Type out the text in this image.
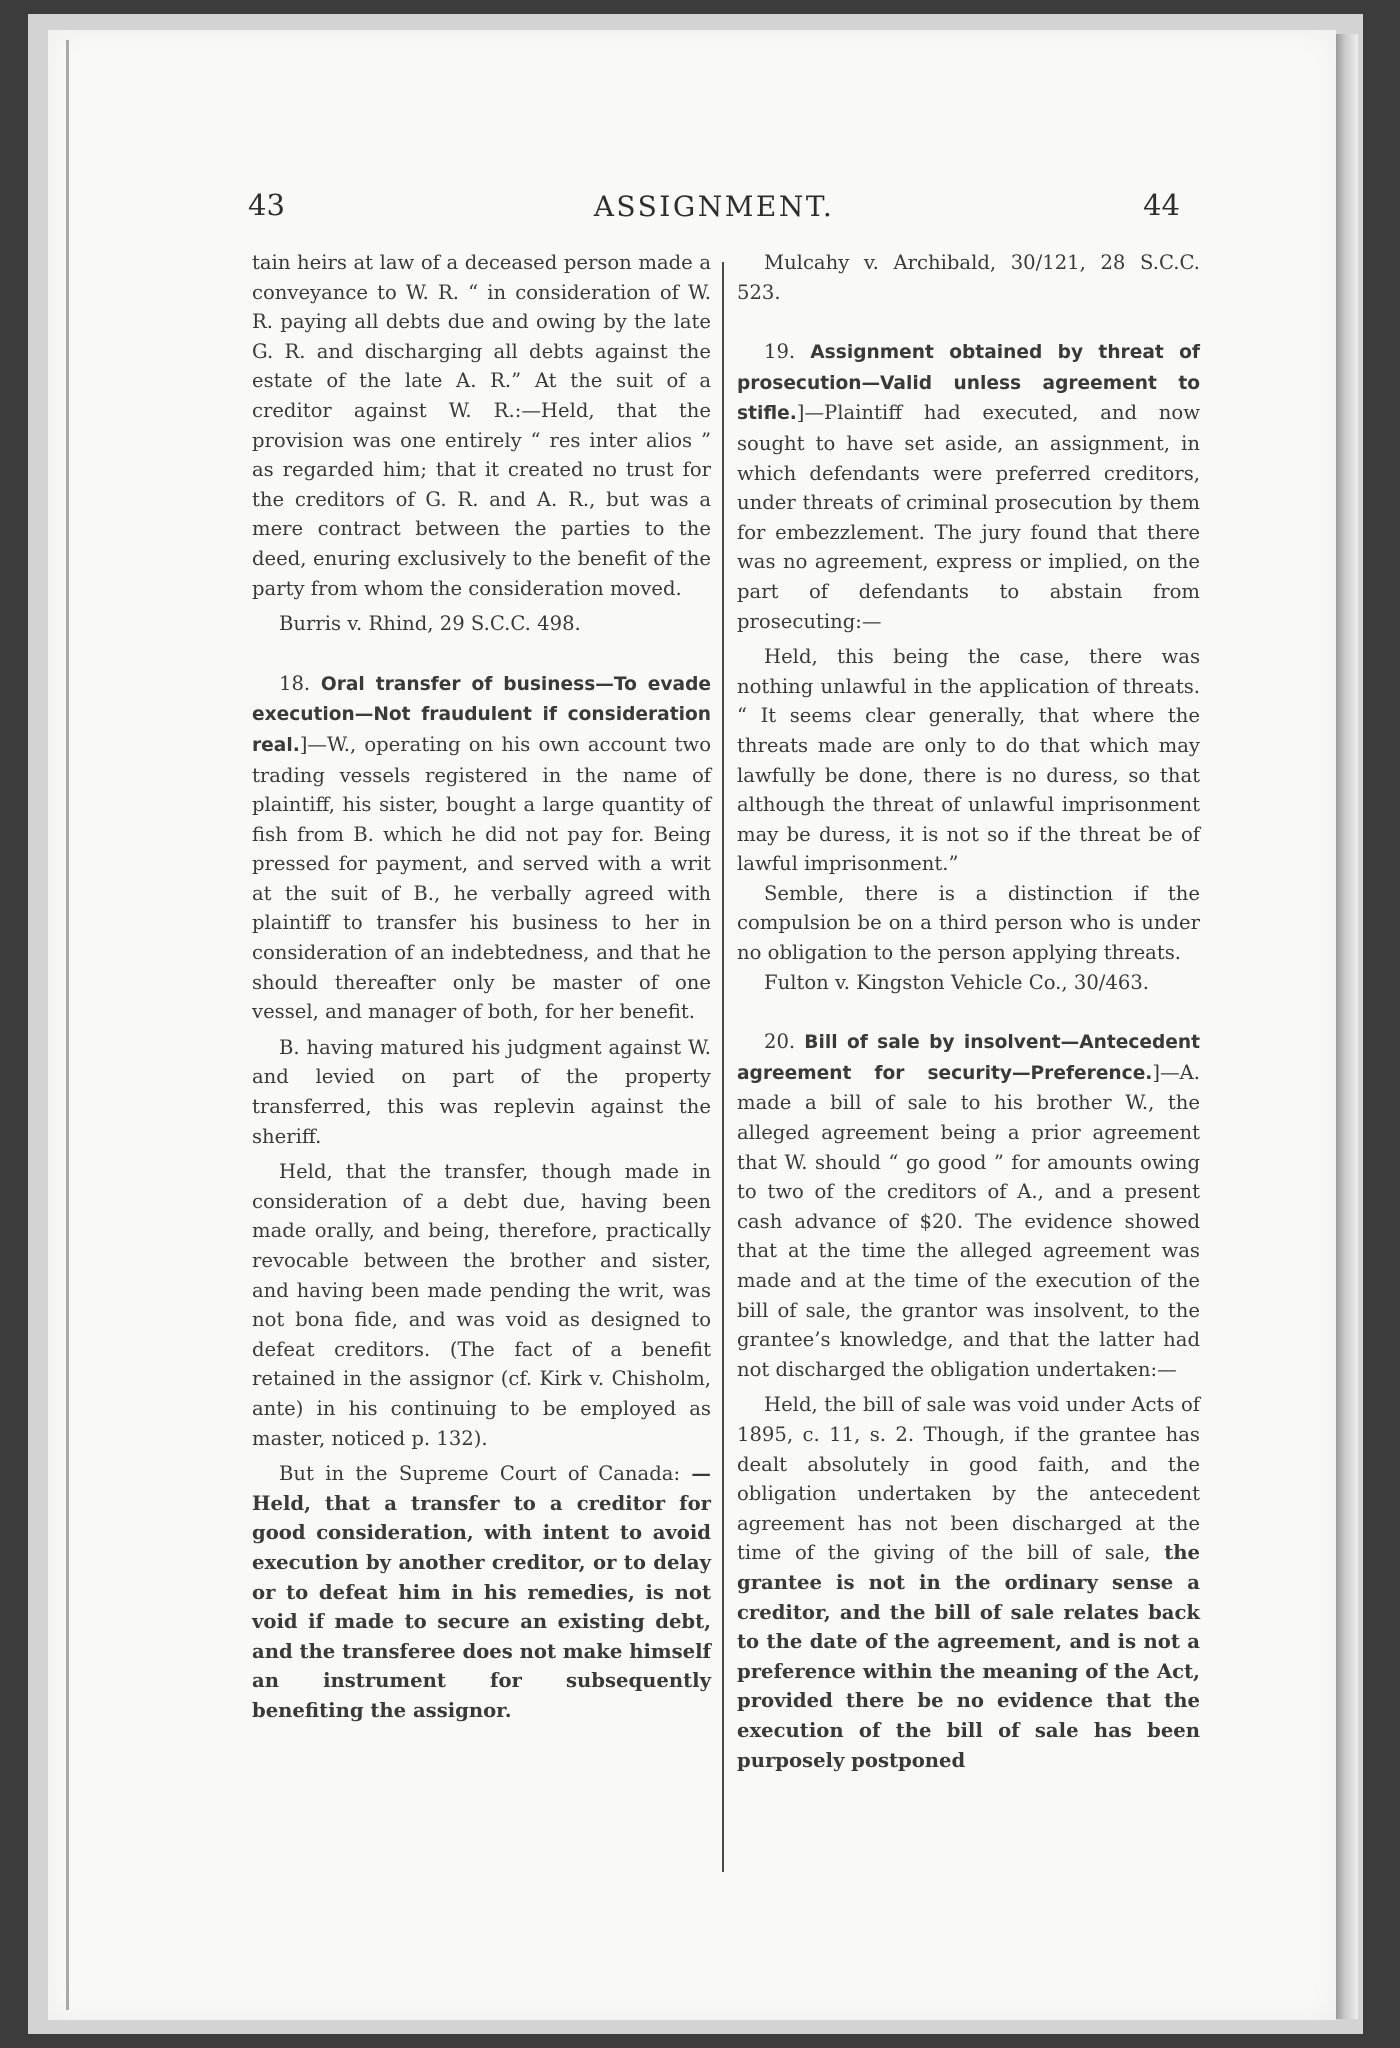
43	ASSIGNMENT.	44

tain heirs at law of a deceased person made a conveyance to W. R. “ in consideration of W. R. paying all debts due and owing by the late G. R. and discharging all debts against the estate of the late A. R.” At the suit of a creditor against W. R.:—Held, that the provision was one entirely “ res inter alios ” as regarded him; that it created no trust for the creditors of G. R. and A. R., but was a mere contract between the parties to the deed, enuring exclusively to the benefit of the party from whom the consideration moved.

Burris v. Rhind, 29 S.C.C. 498.

18. Oral transfer of business—To evade execution—Not fraudulent if consideration real.]—W., operating on his own account two trading vessels registered in the name of plaintiff, his sister, bought a large quantity of fish from B. which he did not pay for. Being pressed for payment, and served with a writ at the suit of B., he verbally agreed with plaintiff to transfer his business to her in consideration of an indebtedness, and that he should thereafter only be master of one vessel, and manager of both, for her benefit.

B. having matured his judgment against W. and levied on part of the property transferred, this was replevin against the sheriff.

Held, that the transfer, though made in consideration of a debt due, having been made orally, and being, therefore, practically revocable between the brother and sister, and having been made pending the writ, was not bona fide, and was void as designed to defeat creditors. (The fact of a benefit retained in the assignor (cf. Kirk v. Chisholm, ante) in his continuing to be employed as master, noticed p. 132).

But in the Supreme Court of Canada: —Held, that a transfer to a creditor for good consideration, with intent to avoid execution by another creditor, or to delay or to defeat him in his remedies, is not void if made to secure an existing debt, and the transferee does not make himself an instrument for subsequently benefiting the assignor.

Mulcahy v. Archibald, 30/121, 28 S.C.C. 523.

19. Assignment obtained by threat of prosecution—Valid unless agreement to stifle.]—Plaintiff had executed, and now sought to have set aside, an assignment, in which defendants were preferred creditors, under threats of criminal prosecution by them for embezzlement. The jury found that there was no agreement, express or implied, on the part of defendants to abstain from prosecuting:—

Held, this being the case, there was nothing unlawful in the application of threats. “ It seems clear generally, that where the threats made are only to do that which may lawfully be done, there is no duress, so that although the threat of unlawful imprisonment may be duress, it is not so if the threat be of lawful imprisonment.”

Semble, there is a distinction if the compulsion be on a third person who is under no obligation to the person applying threats.

Fulton v. Kingston Vehicle Co., 30/463.

20. Bill of sale by insolvent—Antecedent agreement for security—Preference.]—A. made a bill of sale to his brother W., the alleged agreement being a prior agreement that W. should “ go good ” for amounts owing to two of the creditors of A., and a present cash advance of $20. The evidence showed that at the time the alleged agreement was made and at the time of the execution of the bill of sale, the grantor was insolvent, to the grantee’s knowledge, and that the latter had not discharged the obligation undertaken:—

Held, the bill of sale was void under Acts of 1895, c. 11, s. 2. Though, if the grantee has dealt absolutely in good faith, and the obligation undertaken by the antecedent agreement has not been discharged at the time of the giving of the bill of sale, the grantee is not in the ordinary sense a creditor, and the bill of sale relates back to the date of the agreement, and is not a preference within the meaning of the Act, provided there be no evidence that the execution of the bill of sale has been purposely postponed
